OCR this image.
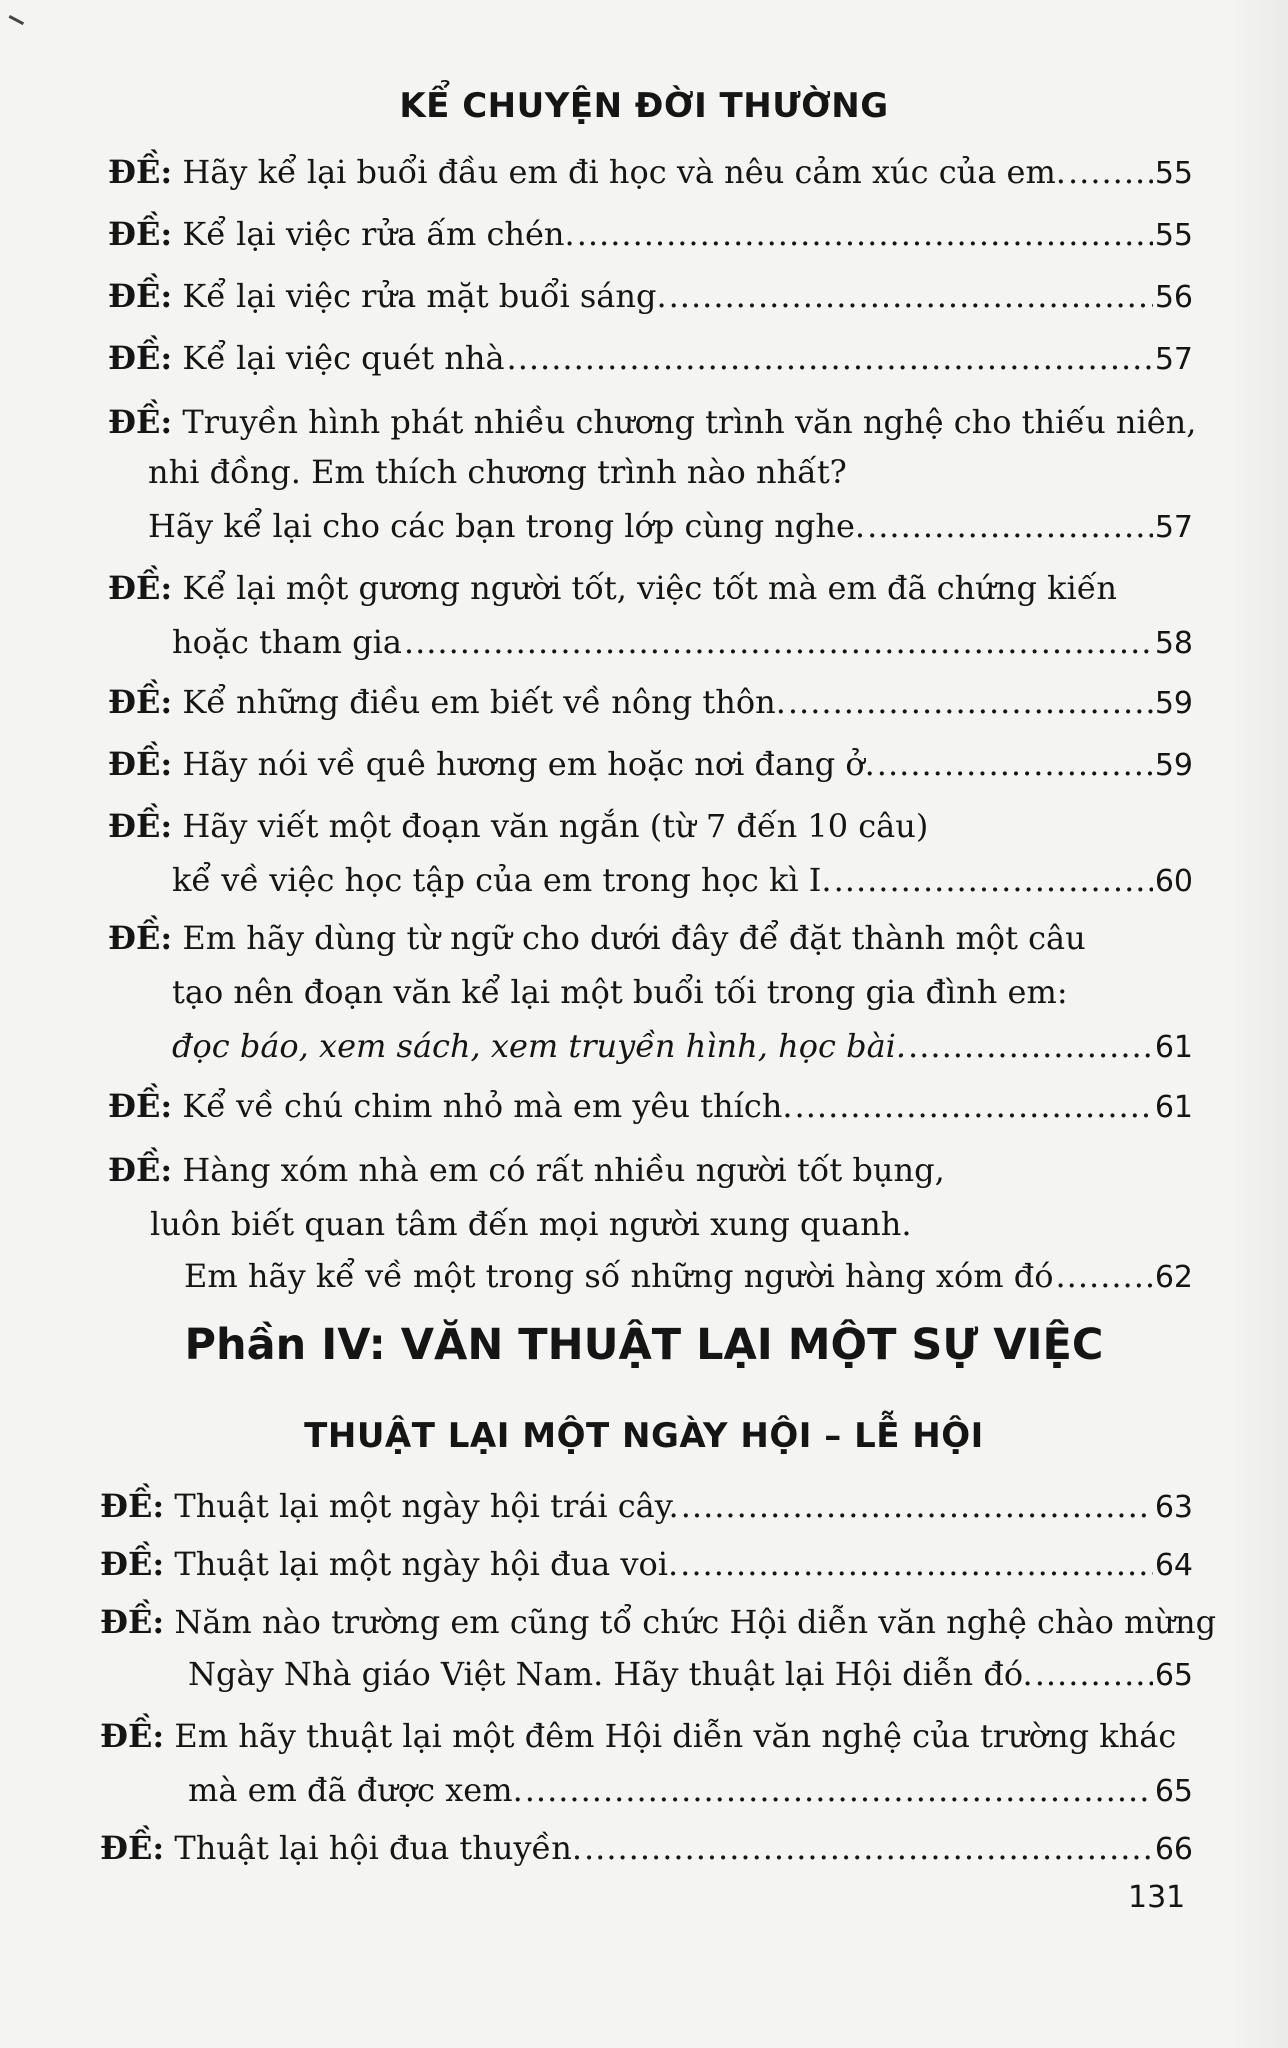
KỂ CHUYỆN ĐỜI THƯỜNG
ĐỀ:
Hãy kể lại buổi đầu em đi học và nêu cảm xúc của em. .....	55
ĐỀ:
Kể lại việc rửa ấm chén. .....	55
ĐỀ:
Kể lại việc rửa mặt buổi sáng. .....	56
ĐỀ:
Kể lại việc quét nhà .....	57
ĐỀ: Truyền hình phát nhiều chương trình văn nghệ cho thiếu niên,
nhi đồng. Em thích chương trình nào nhất?
Hãy kể lại cho các bạn trong lớp cùng nghe. .....	57
ĐỀ: Kể lại một gương người tốt, việc tốt mà em đã chứng kiến
hoặc tham gia .....	58
ĐỀ:
Kể những điều em biết về nông thôn. .....	59
ĐỀ:
Hãy nói về quê hương em hoặc nơi đang ở. .....	59
ĐỀ: Hãy viết một đoạn văn ngắn (từ 7 đến 10 câu)
kể về việc học tập của em trong học kì I. .....	60
ĐỀ: Em hãy dùng từ ngữ cho dưới đây để đặt thành một câu
tạo nên đoạn văn kể lại một buổi tối trong gia đình em:
đọc báo, xem sách, xem truyền hình, học bài. .....	61
ĐỀ:
Kể về chú chim nhỏ mà em yêu thích. .....	61
ĐỀ: Hàng xóm nhà em có rất nhiều người tốt bụng,
luôn biết quan tâm đến mọi người xung quanh.
Em hãy kể về một trong số những người hàng xóm đó .....	62
Phần IV: VĂN THUẬT LẠI MỘT SỰ VIỆC
THUẬT LẠI MỘT NGÀY HỘI – LỄ HỘI
ĐỀ:
Thuật lại một ngày hội trái cây. .....	63
ĐỀ:
Thuật lại một ngày hội đua voi. .....	64
ĐỀ: Năm nào trường em cũng tổ chức Hội diễn văn nghệ chào mừng
Ngày Nhà giáo Việt Nam. Hãy thuật lại Hội diễn đó. .....	65
ĐỀ: Em hãy thuật lại một đêm Hội diễn văn nghệ của trường khác
mà em đã được xem. .....	65
ĐỀ:
Thuật lại hội đua thuyền. .....	66
131
